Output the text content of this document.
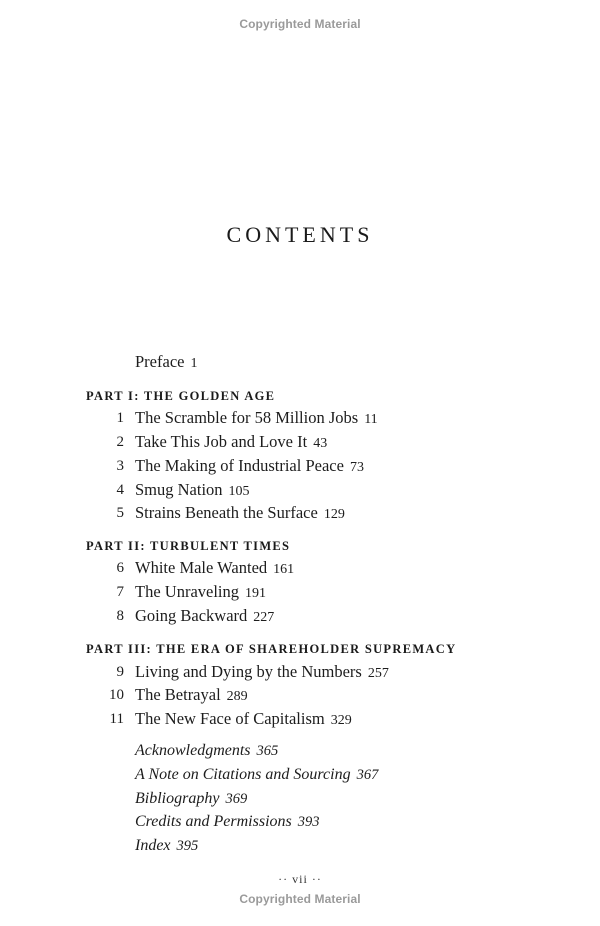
Copyrighted Material
CONTENTS
Preface 1
PART I: THE GOLDEN AGE
1 The Scramble for 58 Million Jobs 11
2 Take This Job and Love It 43
3 The Making of Industrial Peace 73
4 Smug Nation 105
5 Strains Beneath the Surface 129
PART II: TURBULENT TIMES
6 White Male Wanted 161
7 The Unraveling 191
8 Going Backward 227
PART III: THE ERA OF SHAREHOLDER SUPREMACY
9 Living and Dying by the Numbers 257
10 The Betrayal 289
11 The New Face of Capitalism 329
Acknowledgments 365
A Note on Citations and Sourcing 367
Bibliography 369
Credits and Permissions 393
Index 395
·· vii ··
Copyrighted Material
